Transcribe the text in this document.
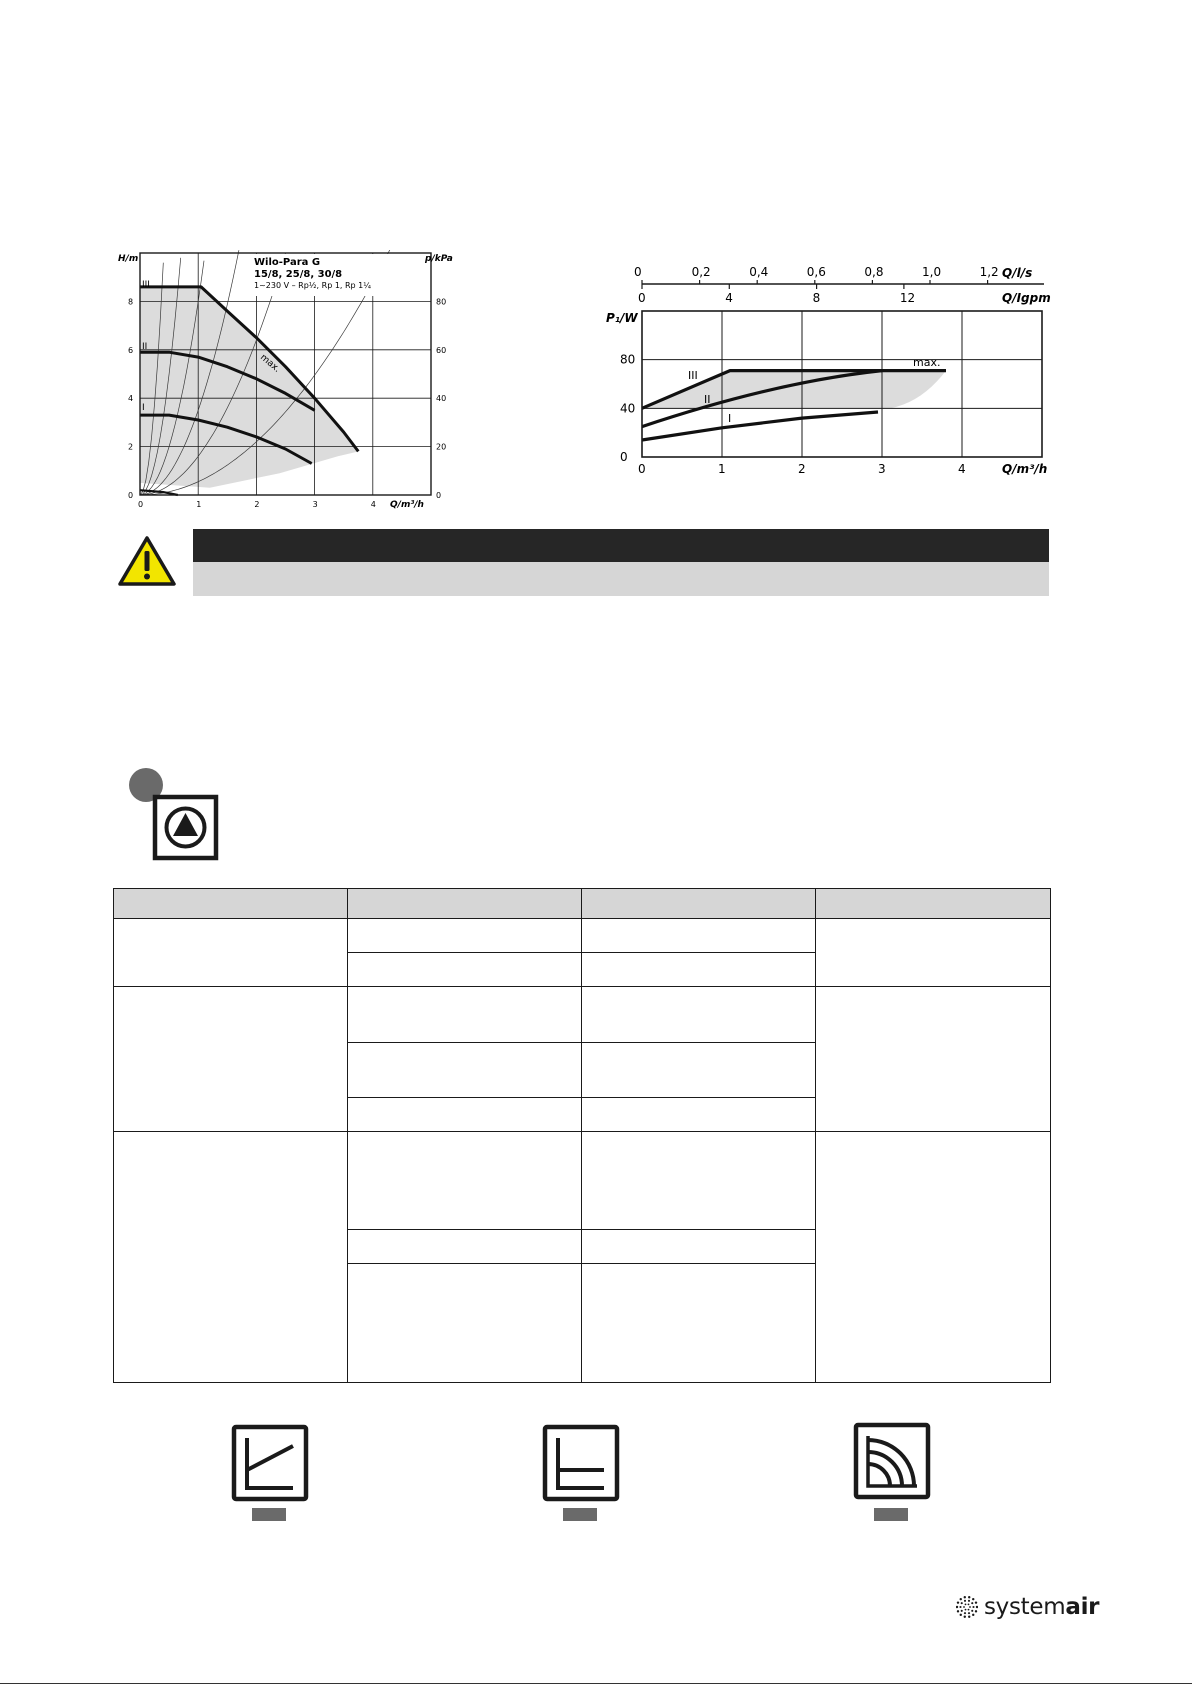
0	1	2	3	4
0	0
2	20
4	40
6	60
8	80
H/m	p/kPa
Q/m³/h
Wilo-Para G
15/8, 25/8, 30/8
1~230 V – Rp½, Rp 1, Rp 1¼
max.
III
II
I
0	0,2	0,4	0,6	0,8	1,0	1,2
0	4	8	12
0	1	2	3	4
0
40
80
Q/l/s
Q/Igpm
P₁/W
Q/m³/h
max.
III
II
I

systemair
